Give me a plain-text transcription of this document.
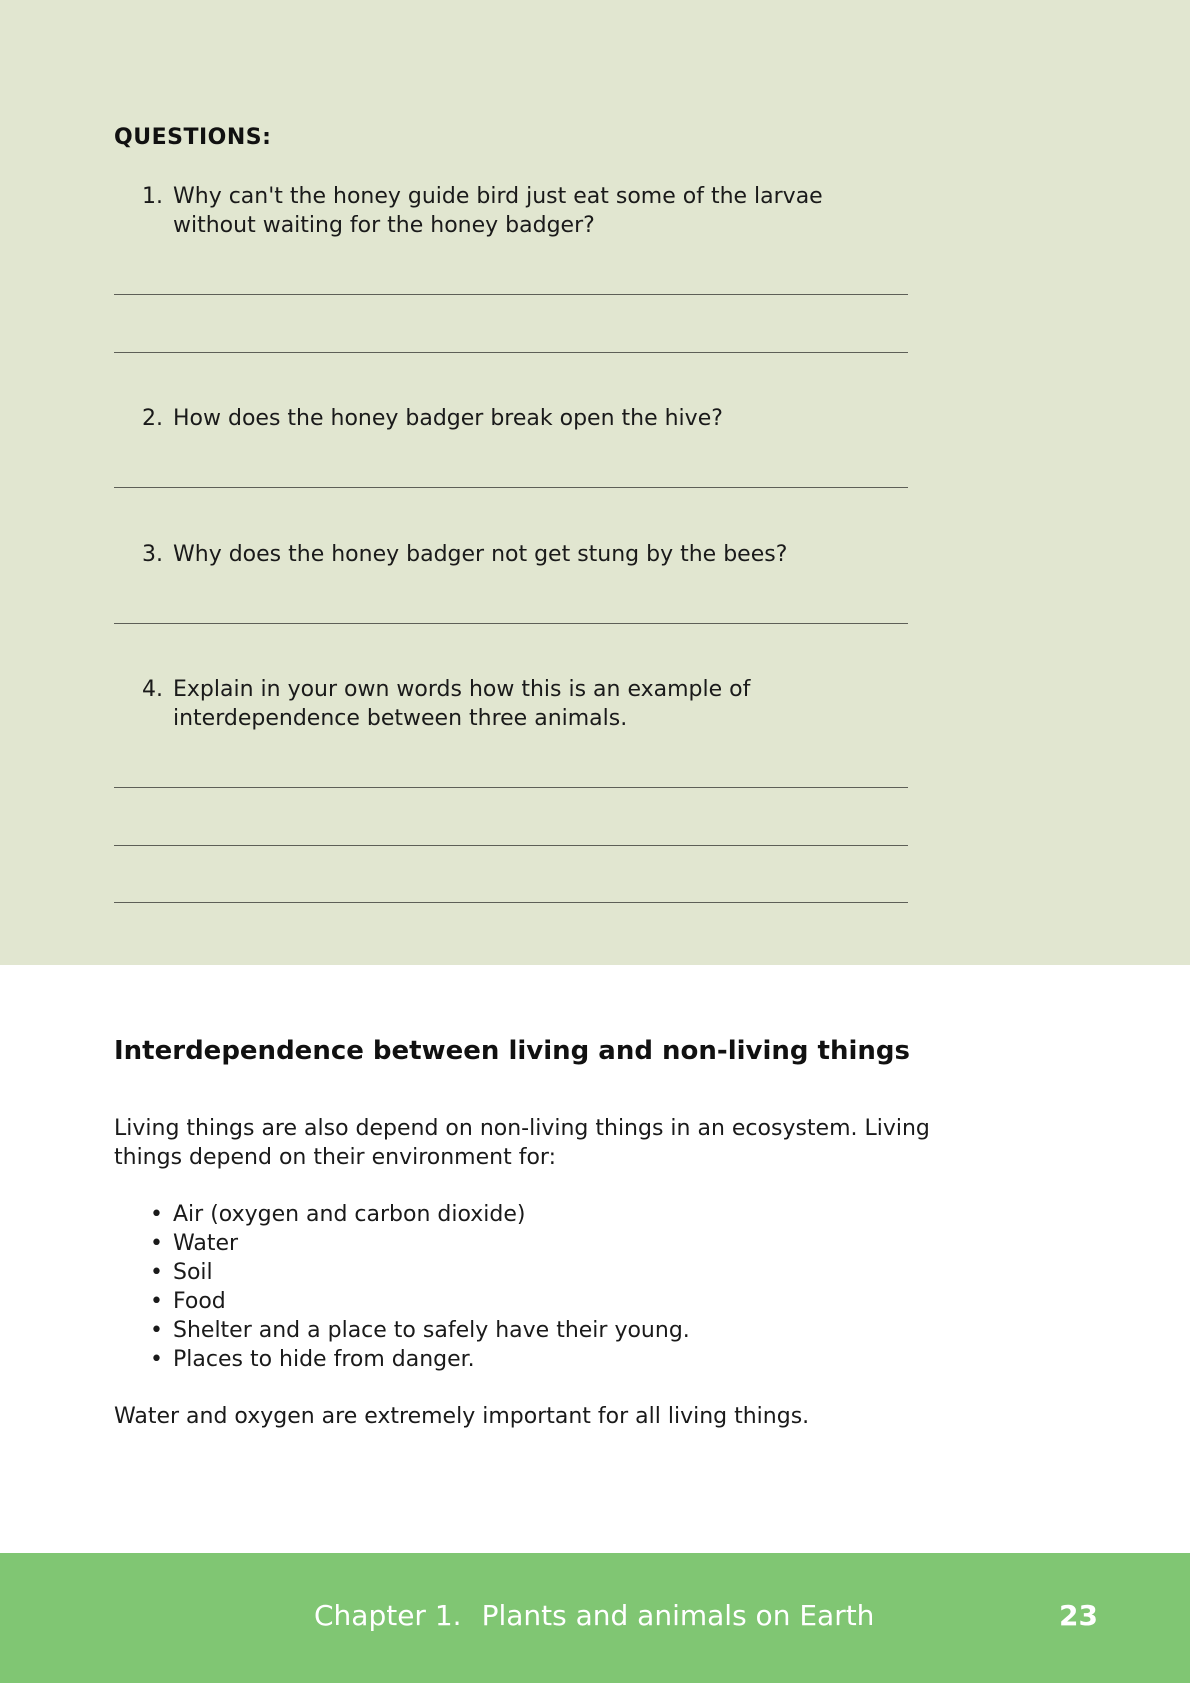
QUESTIONS:
1. Why can't the honey guide bird just eat some of the larvae without waiting for the honey badger?
2. How does the honey badger break open the hive?
3. Why does the honey badger not get stung by the bees?
4. Explain in your own words how this is an example of interdependence between three animals.
Interdependence between living and non-living things

Living things are also depend on non-living things in an ecosystem. Living things depend on their environment for:

• Air (oxygen and carbon dioxide)
• Water
• Soil
• Food
• Shelter and a place to safely have their young.
• Places to hide from danger.

Water and oxygen are extremely important for all living things.

Chapter 1. Plants and animals on Earth	23
